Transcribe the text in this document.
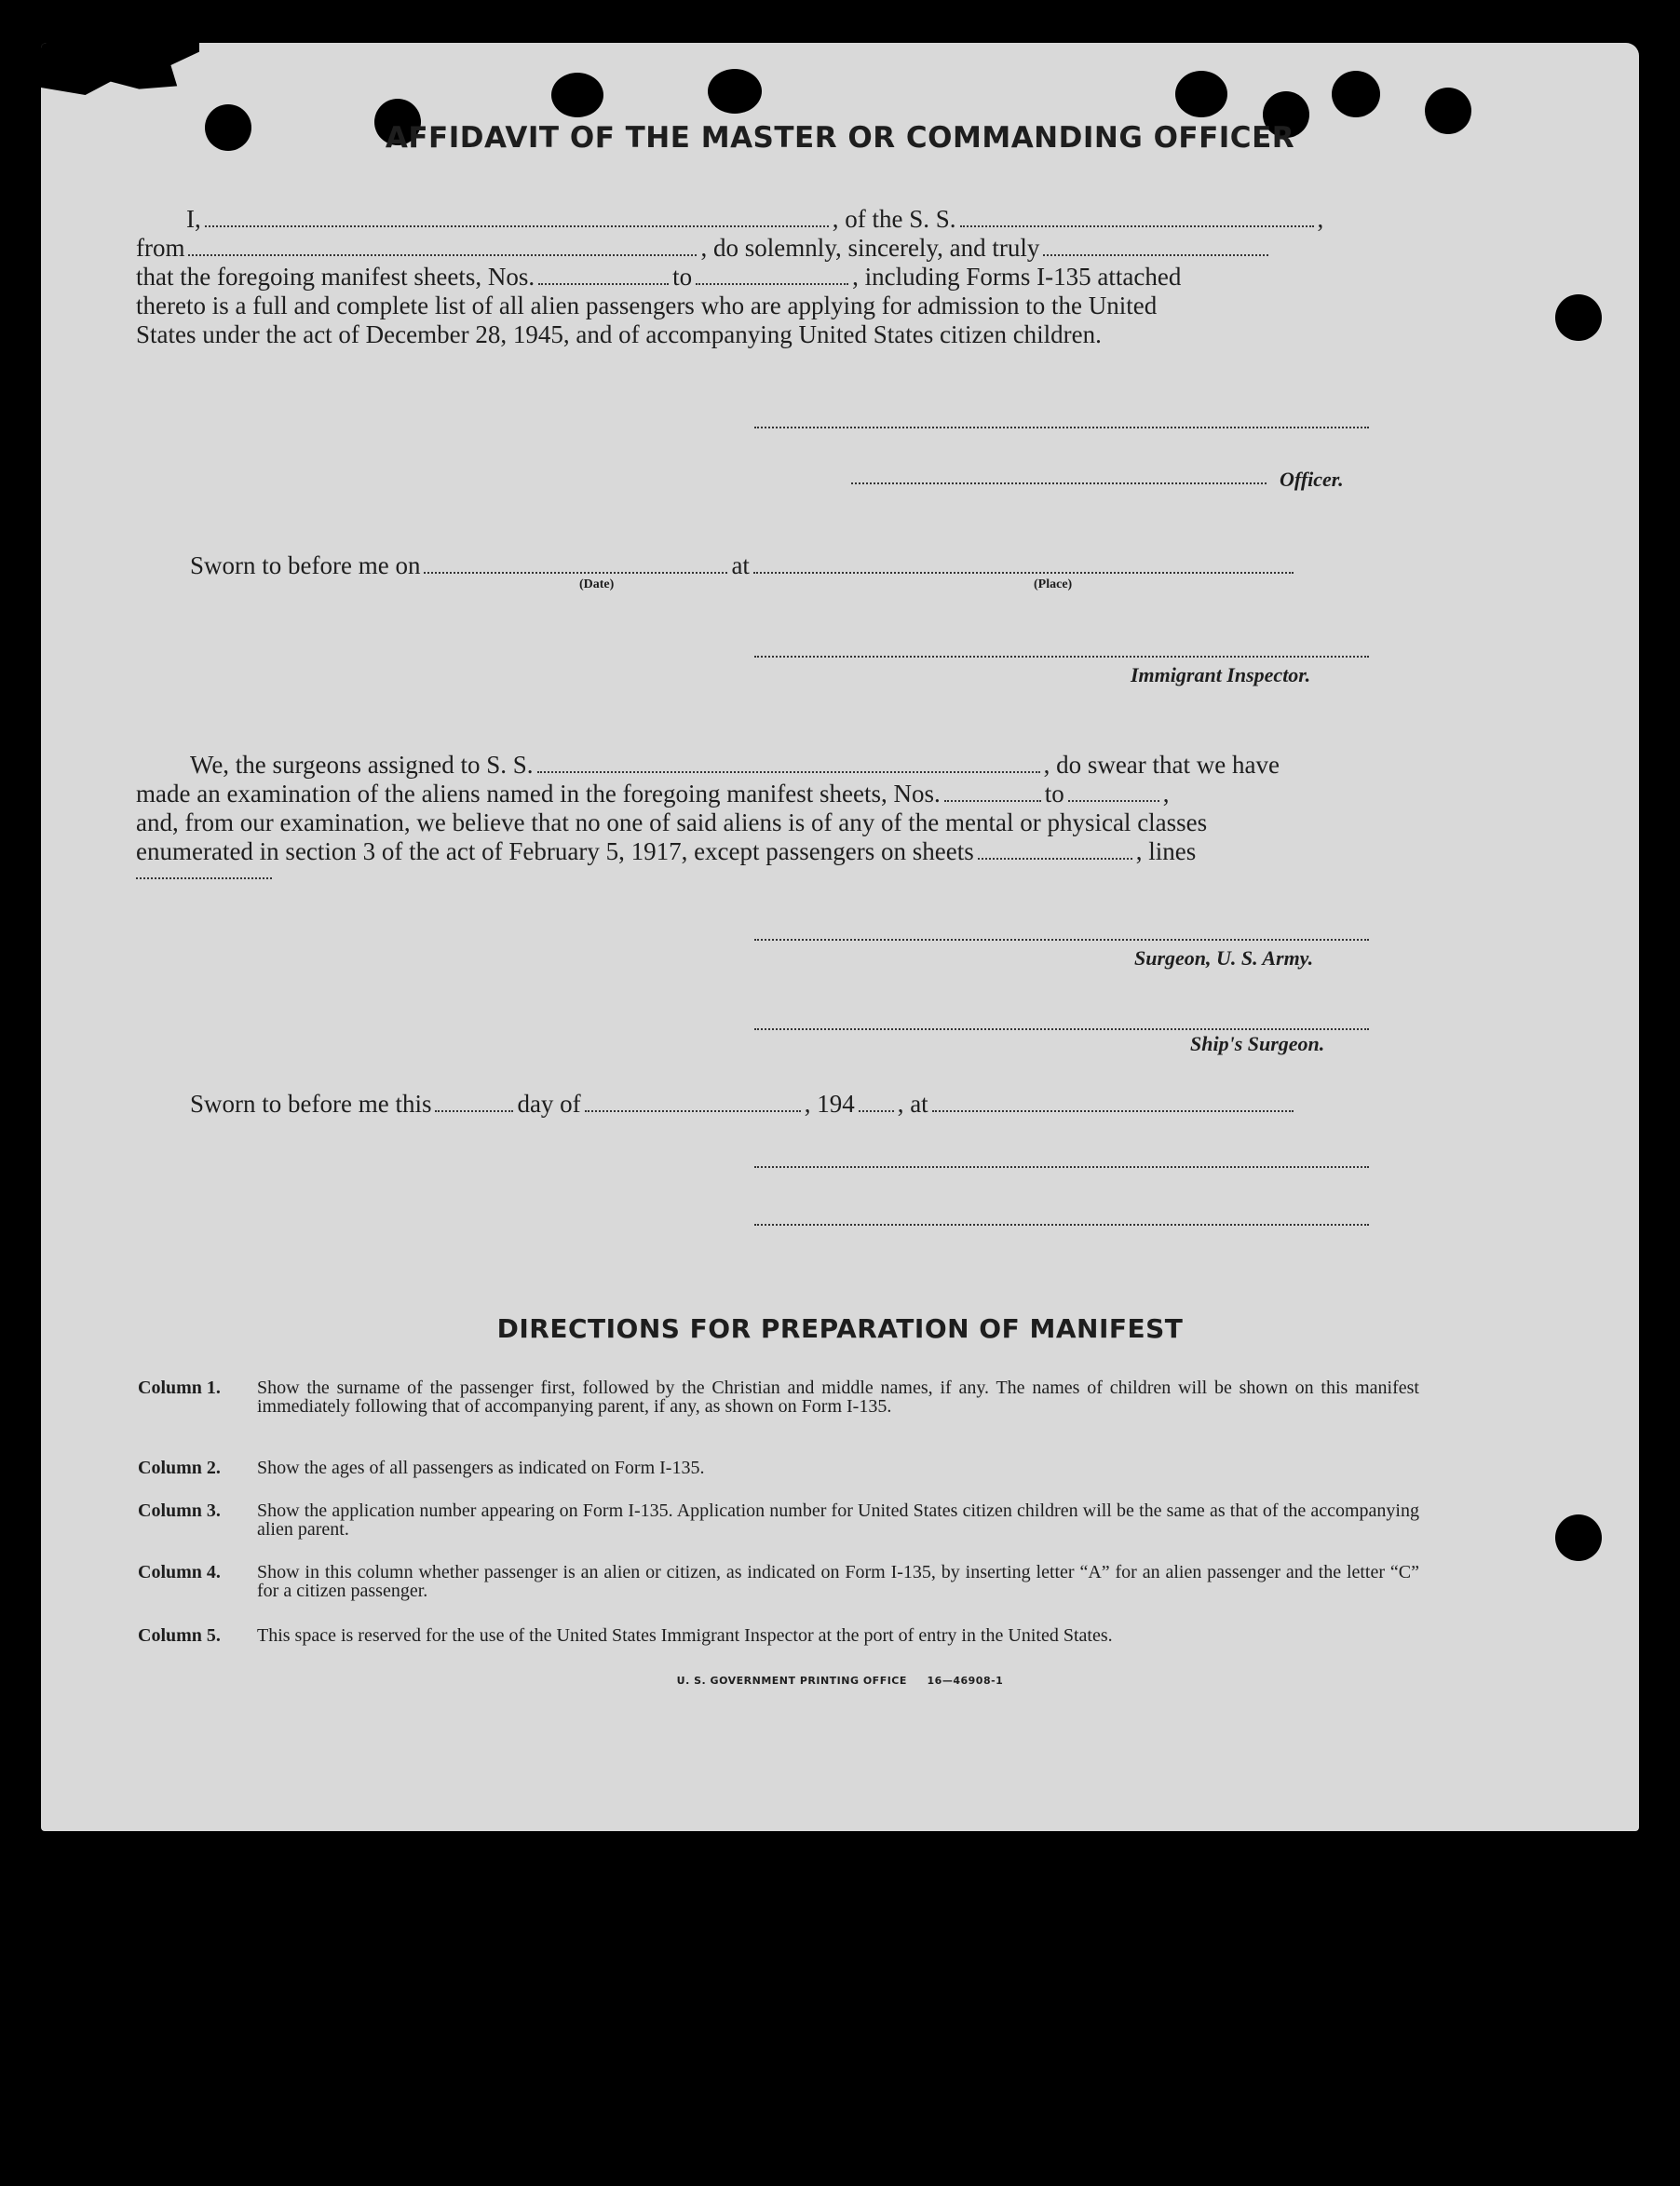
AFFIDAVIT OF THE MASTER OR COMMANDING OFFICER
I,	, of the S. S.	,
from	, do solemnly, sincerely, and truly
that the foregoing manifest sheets, Nos.	to	, including Forms I-135 attached
thereto is a full and complete list of all alien passengers who are applying for admission to the United
States under the act of December 28, 1945, and of accompanying United States citizen children.
Officer.
Sworn to before me on	at
(Date)	(Place)
Immigrant Inspector.
We, the surgeons assigned to S. S.	, do swear that we have
made an examination of the aliens named in the foregoing manifest sheets, Nos.	to	,
and, from our examination, we believe that no one of said aliens is of any of the mental or physical classes
enumerated in section 3 of the act of February 5, 1917, except passengers on sheets	, lines
Surgeon, U. S. Army.
Ship's Surgeon.
Sworn to before me this	day of	, 194 , at
DIRECTIONS FOR PREPARATION OF MANIFEST
Column 1. Show the surname of the passenger first, followed by the Christian and middle names, if any. The names of children will be shown on this manifest immediately following that of accompanying parent, if any, as shown on Form I-135.
Column 2. Show the ages of all passengers as indicated on Form I-135.
Column 3. Show the application number appearing on Form I-135. Application number for United States citizen children will be the same as that of the accompanying alien parent.
Column 4. Show in this column whether passenger is an alien or citizen, as indicated on Form I-135, by inserting letter “A” for an alien passenger and the letter “C” for a citizen passenger.
Column 5. This space is reserved for the use of the United States Immigrant Inspector at the port of entry in the United States.
U. S. GOVERNMENT PRINTING OFFICE     16—46908-1
